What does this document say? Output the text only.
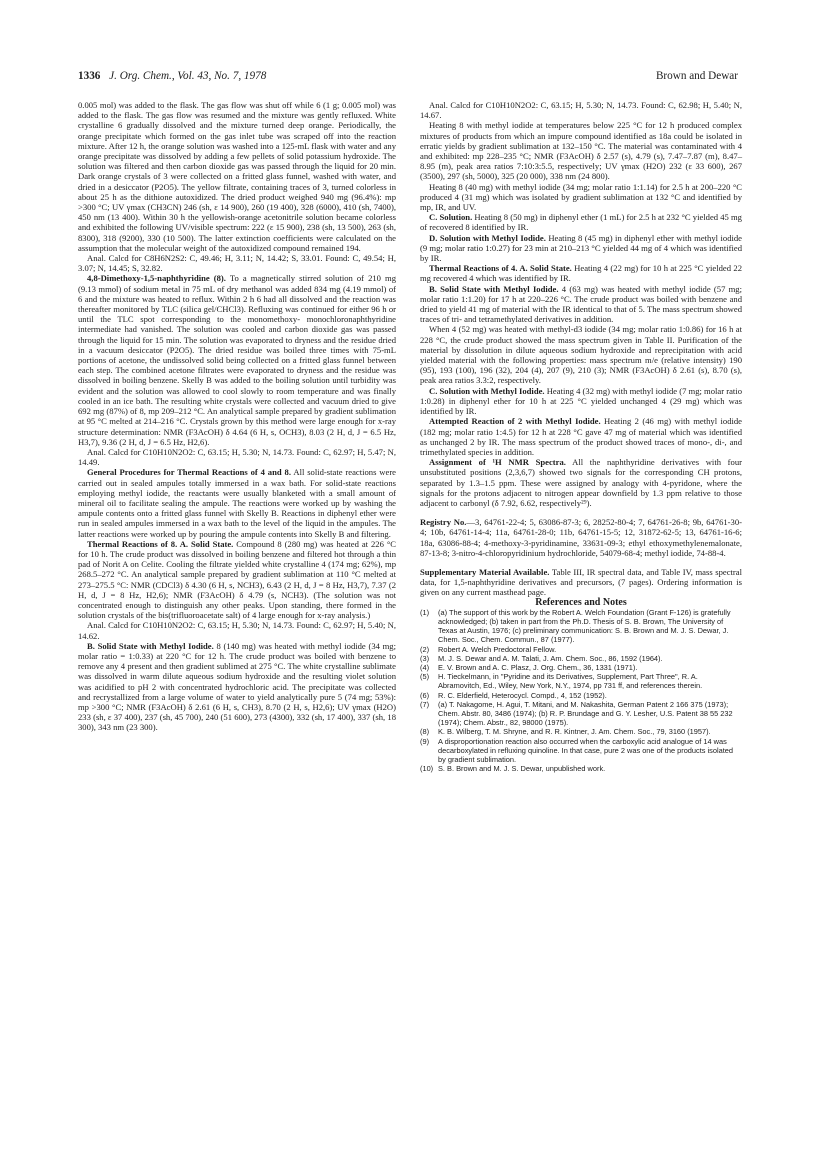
1336 J. Org. Chem., Vol. 43, No. 7, 1978	Brown and Dewar

0.005 mol) was added to the flask. The gas flow was shut off while 6 (1 g; 0.005 mol) was added to the flask. The gas flow was resumed and the mixture was gently refluxed. White crystalline 6 gradually dissolved and the mixture turned deep orange. Periodically, the orange precipitate which formed on the gas inlet tube was scraped off into the reaction mixture. After 12 h, the orange solution was washed into a 125-mL flask with water and any orange precipitate was dissolved by adding a few pellets of solid potassium hydroxide. The solution was filtered and then carbon dioxide gas was passed through the liquid for 20 min. Dark orange crystals of 3 were collected on a fritted glass funnel, washed with water, and dried in a desiccator (P2O5). The yellow filtrate, containing traces of 3, turned colorless in about 25 h as the dithione autoxidized. The dried product weighed 940 mg (96.4%): mp >300 °C; UV γmax (CH3CN) 246 (sh, ε 14 900), 260 (19 400), 328 (6000), 410 (sh, 7400), 450 nm (13 400). Within 30 h the yellowish-orange acetonitrile solution became colorless and exhibited the following UV/visible spectrum: 222 (ε 15 900), 238 (sh, 13 500), 263 (sh, 8300), 318 (9200), 330 (10 500). The latter extinction coefficients were calculated on the assumption that the molecular weight of the autoxidized compound remained 194.

Anal. Calcd for C8H6N2S2: C, 49.46; H, 3.11; N, 14.42; S, 33.01. Found: C, 49.54; H, 3.07; N, 14.45; S, 32.82.

4,8-Dimethoxy-1,5-naphthyridine (8). To a magnetically stirred solution of 210 mg (9.13 mmol) of sodium metal in 75 mL of dry methanol was added 834 mg (4.19 mmol) of 6 and the mixture was heated to reflux. Within 2 h 6 had all dissolved and the reaction was thereafter monitored by TLC (silica gel/CHCl3). Refluxing was continued for either 96 h or until the TLC spot corresponding to the monomethoxy- monochloronaphthyridine intermediate had vanished. The solution was cooled and carbon dioxide gas was passed through the liquid for 15 min. The solution was evaporated to dryness and the residue dried in a vacuum desiccator (P2O5). The dried residue was boiled three times with 75-mL portions of acetone, the undissolved solid being collected on a fritted glass funnel between each step. The combined acetone filtrates were evaporated to dryness and the residue was dissolved in boiling benzene. Skelly B was added to the boiling solution until turbidity was evident and the solution was allowed to cool slowly to room temperature and was finally cooled in an ice bath. The resulting white crystals were collected and vacuum dried to give 692 mg (87%) of 8, mp 209–212 °C. An analytical sample prepared by gradient sublimation at 95 °C melted at 214–216 °C. Crystals grown by this method were large enough for x-ray structure determination: NMR (F3AcOH) δ 4.64 (6 H, s, OCH3), 8.03 (2 H, d, J = 6.5 Hz, H3,7), 9.36 (2 H, d, J = 6.5 Hz, H2,6).

Anal. Calcd for C10H10N2O2: C, 63.15; H, 5.30; N, 14.73. Found: C, 62.97; H, 5.47; N, 14.49.

General Procedures for Thermal Reactions of 4 and 8. All solid-state reactions were carried out in sealed ampules totally immersed in a wax bath. For solid-state reactions employing methyl iodide, the reactants were usually blanketed with a small amount of mineral oil to facilitate sealing the ampule. The reactions were worked up by washing the ampule contents onto a fritted glass funnel with Skelly B. Reactions in diphenyl ether were run in sealed ampules immersed in a wax bath to the level of the liquid in the ampules. The latter reactions were worked up by pouring the ampule contents into Skelly B and filtering.

Thermal Reactions of 8. A. Solid State. Compound 8 (280 mg) was heated at 226 °C for 10 h. The crude product was dissolved in boiling benzene and filtered hot through a thin pad of Norit A on Celite. Cooling the filtrate yielded white crystalline 4 (174 mg; 62%), mp 268.5–272 °C. An analytical sample prepared by gradient sublimation at 110 °C melted at 273–275.5 °C: NMR (CDCl3) δ 4.30 (6 H, s, NCH3), 6.43 (2 H, d, J = 8 Hz, H3,7), 7.37 (2 H, d, J = 8 Hz, H2,6); NMR (F3AcOH) δ 4.79 (s, NCH3). (The solution was not concentrated enough to distinguish any other peaks. Upon standing, there formed in the solution crystals of the bis(trifluoroacetate salt) of 4 large enough for x-ray analysis.)

Anal. Calcd for C10H10N2O2: C, 63.15; H, 5.30; N, 14.73. Found: C, 62.97; H, 5.40; N, 14.62.

B. Solid State with Methyl Iodide. 8 (140 mg) was heated with methyl iodide (34 mg; molar ratio = 1:0.33) at 220 °C for 12 h. The crude product was boiled with benzene to remove any 4 present and then gradient sublimed at 275 °C. The white crystalline sublimate was dissolved in warm dilute aqueous sodium hydroxide and the resulting violet solution was acidified to pH 2 with concentrated hydrochloric acid. The precipitate was collected and recrystallized from a large volume of water to yield analytically pure 5 (74 mg; 53%): mp >300 °C; NMR (F3AcOH) δ 2.61 (6 H, s, CH3), 8.70 (2 H, s, H2,6); UV γmax (H2O) 233 (sh, ε 37 400), 237 (sh, 45 700), 240 (51 600), 273 (4300), 332 (sh, 17 400), 337 (sh, 18 300), 343 nm (23 300).

Anal. Calcd for C10H10N2O2: C, 63.15; H, 5.30; N, 14.73. Found: C, 62.98; H, 5.40; N, 14.67.

Heating 8 with methyl iodide at temperatures below 225 °C for 12 h produced complex mixtures of products from which an impure compound identified as 18a could be isolated in erratic yields by gradient sublimation at 132–150 °C. The material was contaminated with 4 and exhibited: mp 228–235 °C; NMR (F3AcOH) δ 2.57 (s), 4.79 (s), 7.47–7.87 (m), 8.47–8.95 (m), peak area ratios 7:10:3:5.5, respectively; UV γmax (H2O) 232 (ε 33 600), 267 (3500), 297 (sh, 5000), 325 (20 000), 338 nm (24 800).

Heating 8 (40 mg) with methyl iodide (34 mg; molar ratio 1:1.14) for 2.5 h at 200–220 °C produced 4 (31 mg) which was isolated by gradient sublimation at 132 °C and identified by mp, IR, and UV.

C. Solution. Heating 8 (50 mg) in diphenyl ether (1 mL) for 2.5 h at 232 °C yielded 45 mg of recovered 8 identified by IR.

D. Solution with Methyl Iodide. Heating 8 (45 mg) in diphenyl ether with methyl iodide (9 mg; molar ratio 1:0.27) for 23 min at 210–213 °C yielded 44 mg of 4 which was identified by IR.

Thermal Reactions of 4. A. Solid State. Heating 4 (22 mg) for 10 h at 225 °C yielded 22 mg recovered 4 which was identified by IR.

B. Solid State with Methyl Iodide. 4 (63 mg) was heated with methyl iodide (57 mg; molar ratio 1:1.20) for 17 h at 220–226 °C. The crude product was boiled with benzene and dried to yield 41 mg of material with the IR identical to that of 5. The mass spectrum showed traces of tri- and tetramethylated derivatives in addition.

When 4 (52 mg) was heated with methyl-d3 iodide (34 mg; molar ratio 1:0.86) for 16 h at 228 °C, the crude product showed the mass spectrum given in Table II. Purification of the material by dissolution in dilute aqueous sodium hydroxide and reprecipitation with acid yielded material with the following properties: mass spectrum m/e (relative intensity) 190 (95), 193 (100), 196 (32), 204 (4), 207 (9), 210 (3); NMR (F3AcOH) δ 2.61 (s), 8.70 (s), peak area ratios 3.3:2, respectively.

C. Solution with Methyl Iodide. Heating 4 (32 mg) with methyl iodide (7 mg; molar ratio 1:0.28) in diphenyl ether for 10 h at 225 °C yielded unchanged 4 (29 mg) which was identified by IR.

Attempted Reaction of 2 with Methyl Iodide. Heating 2 (46 mg) with methyl iodide (182 mg; molar ratio 1:4.5) for 12 h at 228 °C gave 47 mg of material which was identified as unchanged 2 by IR. The mass spectrum of the product showed traces of mono-, di-, and trimethylated species in addition.

Assignment of ¹H NMR Spectra. All the naphthyridine derivatives with four unsubstituted positions (2,3,6,7) showed two signals for the corresponding CH protons, separated by 1.3–1.5 ppm. These were assigned by analogy with 4-pyridone, where the signals for the protons adjacent to nitrogen appear downfield by 1.3 ppm relative to those adjacent to carbonyl (δ 7.92, 6.62, respectively²⁹).

Registry No.—3, 64761-22-4; 5, 63086-87-3; 6, 28252-80-4; 7, 64761-26-8; 9b, 64761-30-4; 10b, 64761-14-4; 11a, 64761-28-0; 11b, 64761-15-5; 12, 31872-62-5; 13, 64761-16-6; 18a, 63086-88-4; 4-methoxy-3-pyridinamine, 33631-09-3; ethyl ethoxymethylenemalonate, 87-13-8; 3-nitro-4-chloropyridinium hydrochloride, 54079-68-4; methyl iodide, 74-88-4.

Supplementary Material Available. Table III, IR spectral data, and Table IV, mass spectral data, for 1,5-naphthyridine derivatives and precursors, (7 pages). Ordering information is given on any current masthead page.

References and Notes

(1)	(a) The support of this work by the Robert A. Welch Foundation (Grant F-126) is gratefully acknowledged; (b) taken in part from the Ph.D. Thesis of S. B. Brown, The University of Texas at Austin, 1976; (c) preliminary communication: S. B. Brown and M. J. S. Dewar, J. Chem. Soc., Chem. Commun., 87 (1977).
(2)	Robert A. Welch Predoctoral Fellow.
(3)	M. J. S. Dewar and A. M. Talati, J. Am. Chem. Soc., 86, 1592 (1964).
(4)	E. V. Brown and A. C. Plasz, J. Org. Chem., 36, 1331 (1971).
(5)	H. Tieckelmann, in "Pyridine and its Derivatives, Supplement, Part Three", R. A. Abramovitch, Ed., Wiley, New York, N.Y., 1974, pp 731 ff, and references therein.
(6)	R. C. Elderfield, Heterocycl. Compd., 4, 152 (1952).
(7)	(a) T. Nakagome, H. Agui, T. Mitani, and M. Nakashita, German Patent 2 166 375 (1973); Chem. Abstr. 80, 3486 (1974); (b) R. P. Brundage and G. Y. Lesher, U.S. Patent 38 55 232 (1974); Chem. Abstr., 82, 98000 (1975).
(8)	K. B. Wilberg, T. M. Shryne, and R. R. Kintner, J. Am. Chem. Soc., 79, 3160 (1957).
(9)	A disproportionation reaction also occurred when the carboxylic acid analogue of 14 was decarboxylated in refluxing quinoline. In that case, pure 2 was one of the products isolated by gradient sublimation.
(10) S. B. Brown and M. J. S. Dewar, unpublished work.
